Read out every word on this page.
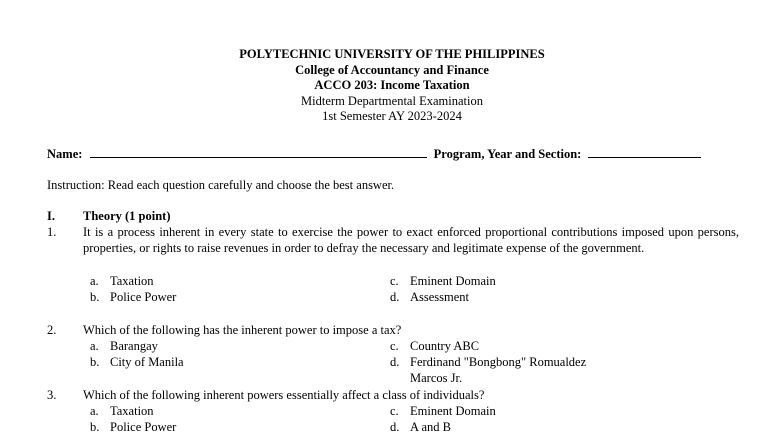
POLYTECHNIC UNIVERSITY OF THE PHILIPPINES
College of Accountancy and Finance
ACCO 203: Income Taxation
Midterm Departmental Examination
1st Semester AY 2023-2024
Name:	Program, Year and Section:
Instruction: Read each question carefully and choose the best answer.
I. Theory (1 point)
1. It is a process inherent in every state to exercise the power to exact enforced proportional contributions imposed upon persons, properties, or rights to raise revenues in order to defray the necessary and legitimate expense of the government.
a. Taxation
b. Police Power
c. Eminent Domain
d. Assessment
2. Which of the following has the inherent power to impose a tax?
a. Barangay
b. City of Manila
c. Country ABC
d. Ferdinand "Bongbong" Romualdez
Marcos Jr.
3. Which of the following inherent powers essentially affect a class of individuals?
a. Taxation
b. Police Power
c. Eminent Domain
d. A and B
